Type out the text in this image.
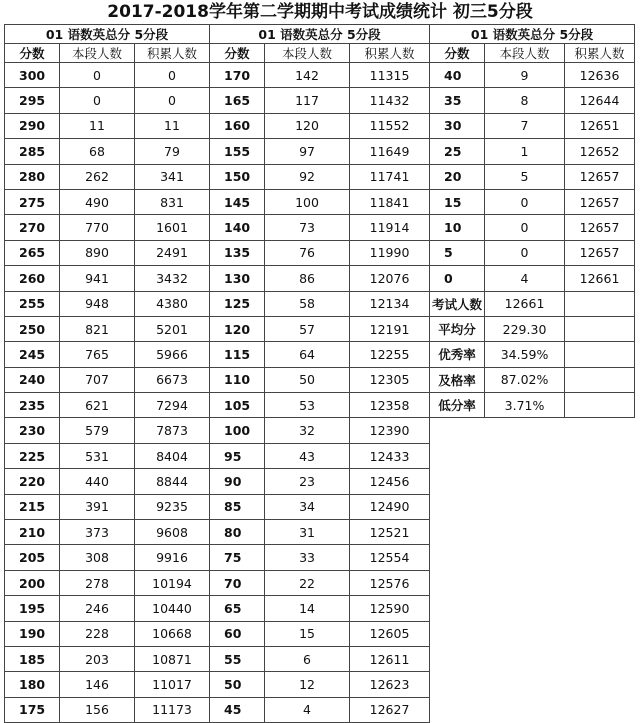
2017-2018学年第二学期期中考试成绩统计 初三5分段
01 语数英总分 5分段			01 语数英总分 5分段			01 语数英总分 5分段		
分数	本段人数	积累人数	分数	本段人数	积累人数	分数	本段人数	积累人数
300	0	0	170	142	11315	40	9	12636
295	0	0	165	117	11432	35	8	12644
290	11	11	160	120	11552	30	7	12651
285	68	79	155	97	11649	25	1	12652
280	262	341	150	92	11741	20	5	12657
275	490	831	145	100	11841	15	0	12657
270	770	1601	140	73	11914	10	0	12657
265	890	2491	135	76	11990	5	0	12657
260	941	3432	130	86	12076	0	4	12661
255	948	4380	125	58	12134	考试人数	12661	
250	821	5201	120	57	12191	平均分	229.30	
245	765	5966	115	64	12255	优秀率	34.59%	
240	707	6673	110	50	12305	及格率	87.02%	
235	621	7294	105	53	12358	低分率	3.71%	
230	579	7873	100	32	12390			
225	531	8404	95	43	12433			
220	440	8844	90	23	12456			
215	391	9235	85	34	12490			
210	373	9608	80	31	12521			
205	308	9916	75	33	12554			
200	278	10194	70	22	12576			
195	246	10440	65	14	12590			
190	228	10668	60	15	12605			
185	203	10871	55	6	12611			
180	146	11017	50	12	12623			
175	156	11173	45	4	12627			
